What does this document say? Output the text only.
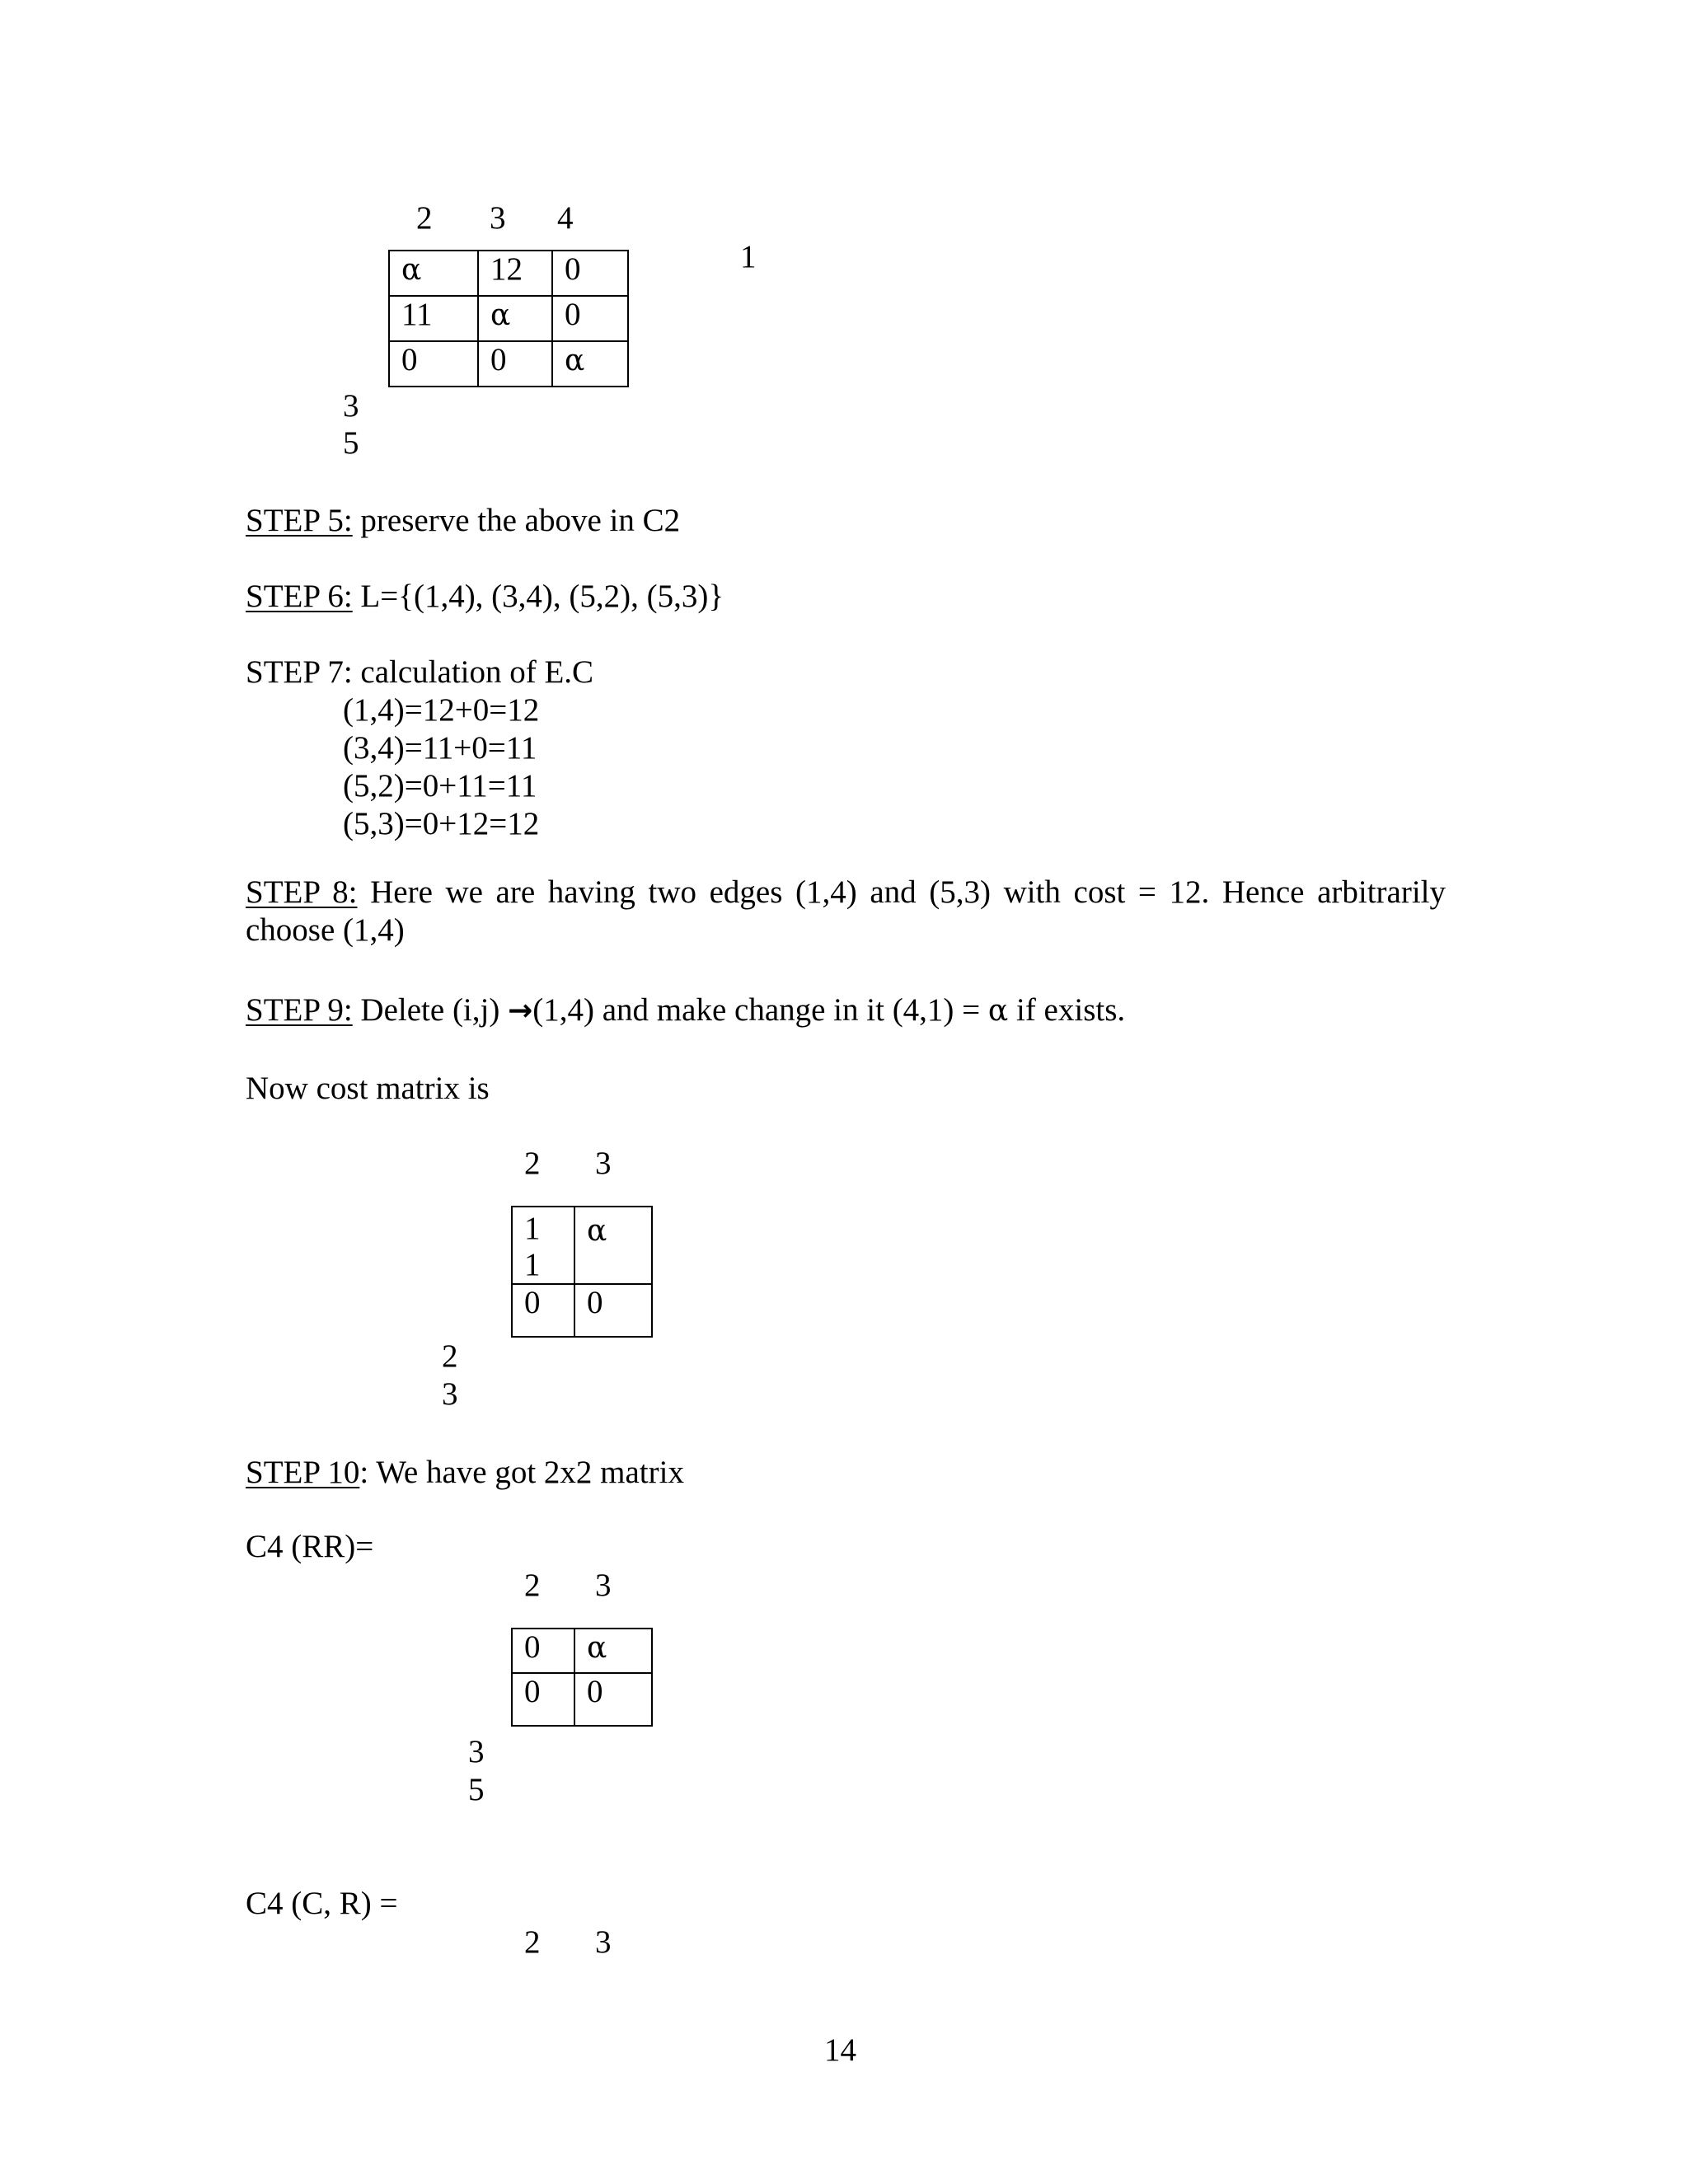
2 3 4
1
α	12	0
11	α	0
0	0	α
3
5
STEP 5: preserve the above in C2
STEP 6: L={(1,4), (3,4), (5,2), (5,3)}
STEP 7: calculation of E.C
(1,4)=12+0=12
(3,4)=11+0=11
(5,2)=0+11=11
(5,3)=0+12=12
STEP 8: Here we are having two edges (1,4) and (5,3) with cost = 12. Hence arbitrarily choose (1,4)
STEP 9: Delete (i,j) →(1,4) and make change in it (4,1) = α if exists.
Now cost matrix is
2 3
1
1	α
0	0
2
3
STEP 10: We have got 2x2 matrix
C4 (RR)=
2 3
0	α
0	0
3
5
C4 (C, R) =
2 3
14
